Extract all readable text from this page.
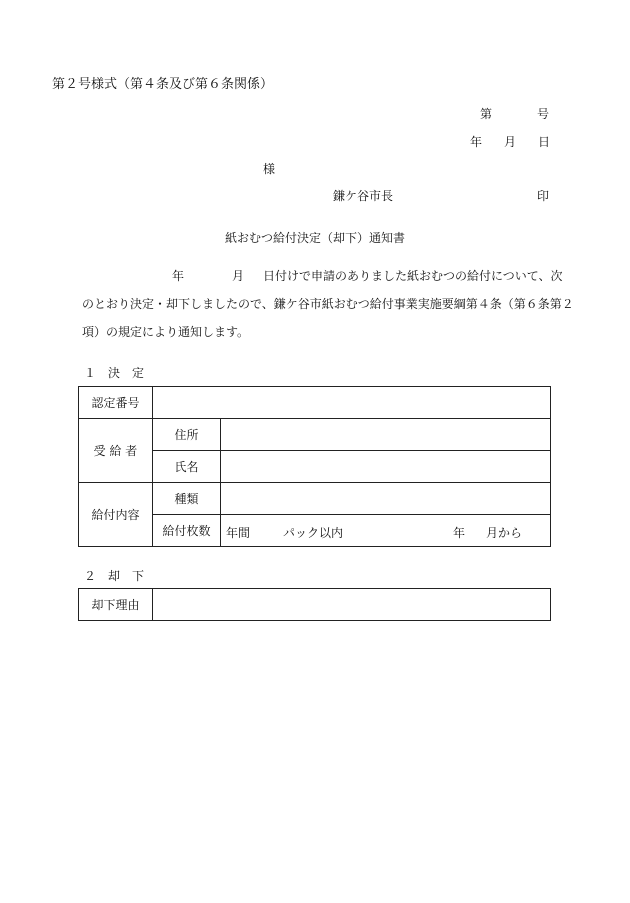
第２号様式（第４条及び第６条関係）
第	号
年 月 日
様
鎌ケ谷市長	印
紙おむつ給付決定（却下）通知書
年	月 日付けで申請のありました紙おむつの給付について、次
のとおり決定・却下しましたので、鎌ケ谷市紙おむつ給付事業実施要綱第４条（第６条第２
項）の規定により通知します。
１ 決　定
認定番号		
受 給 者	住所	
	氏名	
給付内容	種類	
	給付枚数	年間 パック以内 年 月から
２ 却　下
却下理由	
